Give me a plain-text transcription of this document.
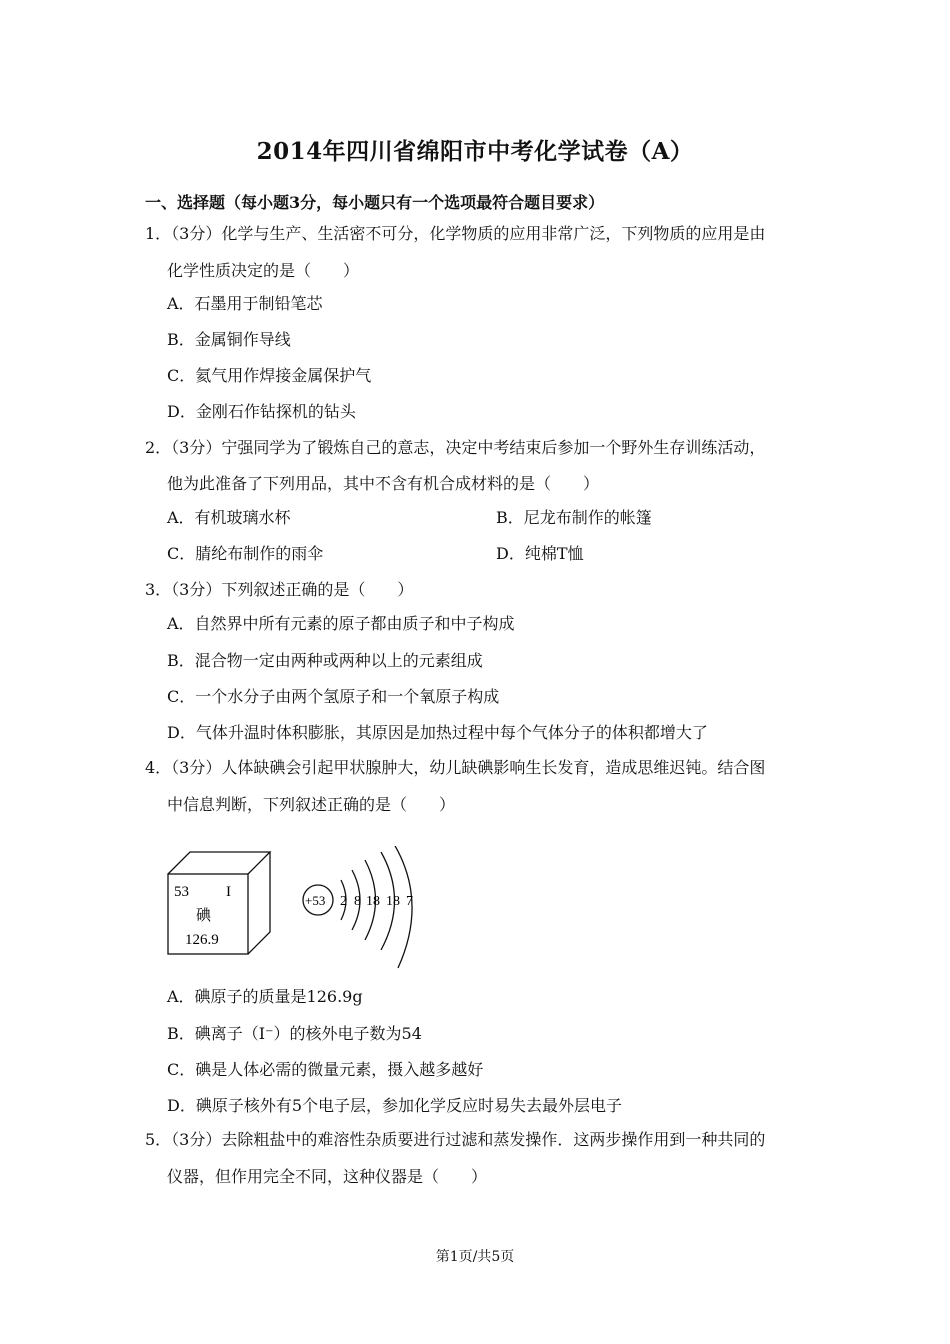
2014年四川省绵阳市中考化学试卷（A）
一、选择题（每小题3分，每小题只有一个选项最符合题目要求）
1．（3分）化学与生产、生活密不可分，化学物质的应用非常广泛，下列物质的应用是由
化学性质决定的是（　　）
A．石墨用于制铅笔芯
B．金属铜作导线
C．氦气用作焊接金属保护气
D．金刚石作钻探机的钻头
2．（3分）宁强同学为了锻炼自己的意志，决定中考结束后参加一个野外生存训练活动，
他为此准备了下列用品，其中不含有机合成材料的是（　　）
A．有机玻璃水杯	B．尼龙布制作的帐篷
C．腈纶布制作的雨伞	D．纯棉T恤
3．（3分）下列叙述正确的是（　　）
A．自然界中所有元素的原子都由质子和中子构成
B．混合物一定由两种或两种以上的元素组成
C．一个水分子由两个氢原子和一个氧原子构成
D．气体升温时体积膨胀，其原因是加热过程中每个气体分子的体积都增大了
4．（3分）人体缺碘会引起甲状腺肿大，幼儿缺碘影响生长发育，造成思维迟钝。结合图
中信息判断，下列叙述正确的是（　　）
53 I
碘
126.9
+53 2 8 18 18 7
A．碘原子的质量是126.9g
B．碘离子（I⁻）的核外电子数为54
C．碘是人体必需的微量元素，摄入越多越好
D．碘原子核外有5个电子层，参加化学反应时易失去最外层电子
5．（3分）去除粗盐中的难溶性杂质要进行过滤和蒸发操作．这两步操作用到一种共同的
仪器，但作用完全不同，这种仪器是（　　）
第1页/共5页
